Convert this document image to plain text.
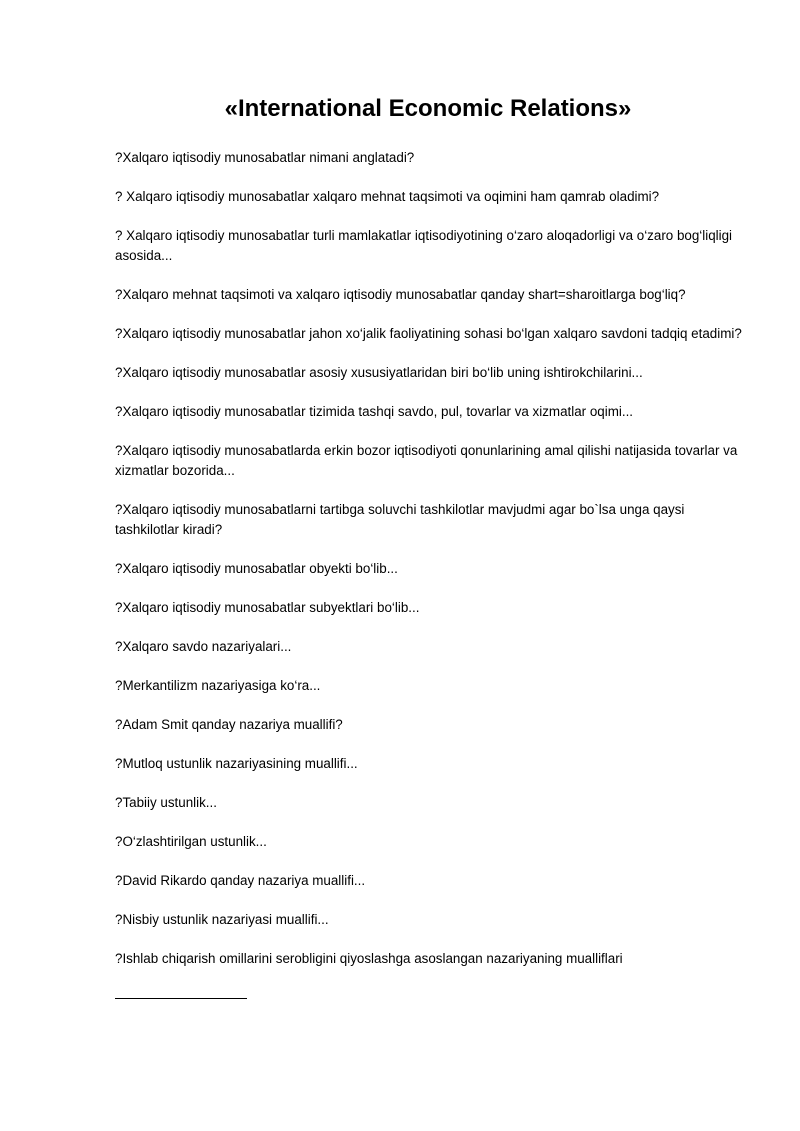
«International Economic Relations»
?Xalqaro iqtisodiy munosabatlar nimani anglatadi?
? Xalqaro iqtisodiy munosabatlar xalqaro mehnat taqsimoti va oqimini ham qamrab oladimi?
? Xalqaro iqtisodiy munosabatlar turli mamlakatlar iqtisodiyotining o‘zaro aloqadorligi va o‘zaro bog‘liqligi asosida...
?Xalqaro mehnat taqsimoti va xalqaro iqtisodiy munosabatlar qanday shart=sharoitlarga bog‘liq?
?Xalqaro iqtisodiy munosabatlar jahon xo‘jalik faoliyatining sohasi bo‘lgan xalqaro savdoni tadqiq etadimi?
?Xalqaro iqtisodiy munosabatlar asosiy xususiyatlaridan biri bo‘lib uning ishtirokchilarini...
?Xalqaro iqtisodiy munosabatlar tizimida tashqi savdo, pul, tovarlar va xizmatlar oqimi...
?Xalqaro iqtisodiy munosabatlarda erkin bozor iqtisodiyoti qonunlarining amal qilishi natijasida tovarlar va xizmatlar bozorida...
?Xalqaro iqtisodiy munosabatlarni tartibga soluvchi tashkilotlar mavjudmi agar bo`lsa unga qaysi tashkilotlar kiradi?
?Xalqaro iqtisodiy munosabatlar obyekti bo‘lib...
?Xalqaro iqtisodiy munosabatlar subyektlari bo‘lib...
?Xalqaro savdo nazariyalari...
?Merkantilizm nazariyasiga ko‘ra...
?Adam Smit qanday nazariya muallifi?
?Mutloq ustunlik nazariyasining muallifi...
?Tabiiy ustunlik...
?O‘zlashtirilgan ustunlik...
?David Rikardo qanday nazariya muallifi...
?Nisbiy ustunlik nazariyasi muallifi...
?Ishlab chiqarish omillarini serobligini qiyoslashga asoslangan nazariyaning mualliflari
